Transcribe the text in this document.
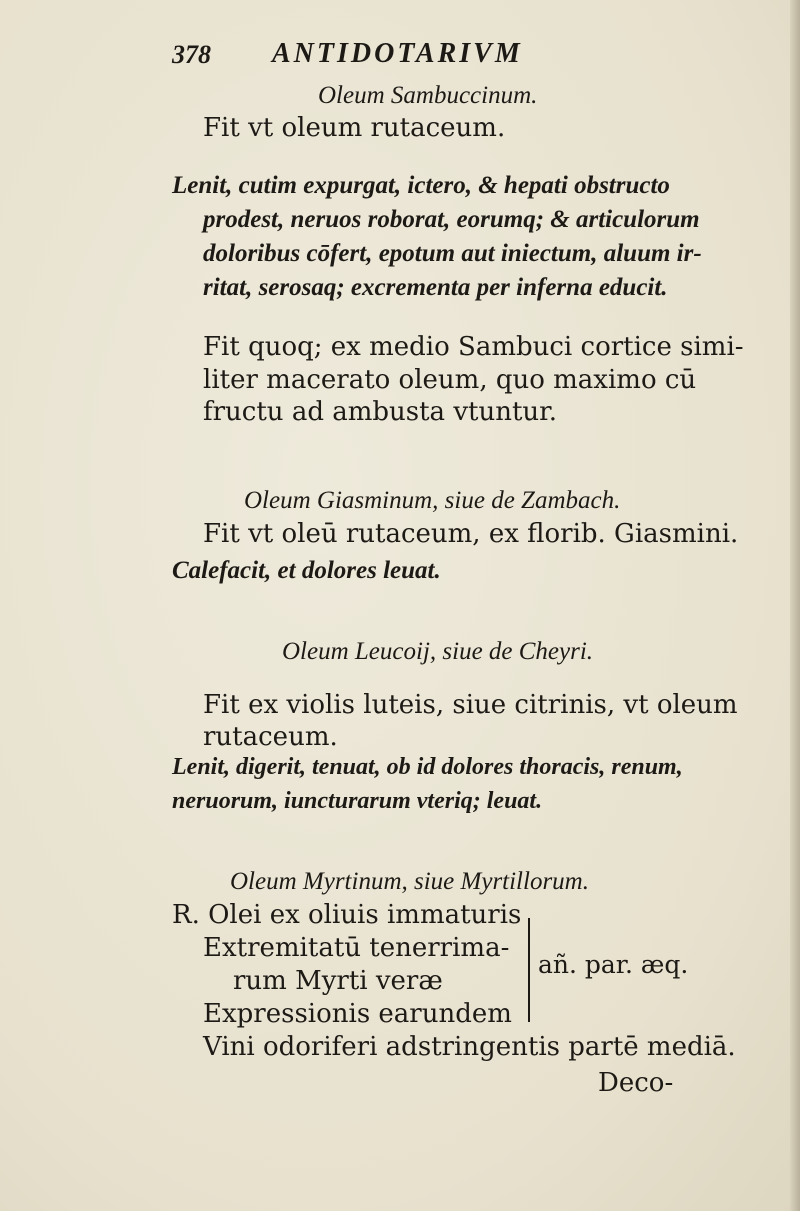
378 ANTIDOTARIVM
Oleum Sambuccinum.
Fit vt oleum rutaceum.
Lenit, cutim expurgat, ictero, & hepati obstructo
prodest, neruos roborat, eorumq; & articulorum
doloribus cōfert, epotum aut iniectum, aluum ir-
ritat, serosaq; excrementa per inferna educit.
Fit quoq; ex medio Sambuci cortice simi-
liter macerato oleum, quo maximo cū
fructu ad ambusta vtuntur.
Oleum Giasminum, siue de Zambach.
Fit vt oleū rutaceum, ex florib. Giasmini.
Calefacit, et dolores leuat.
Oleum Leucoij, siue de Cheyri.
Fit ex violis luteis, siue citrinis, vt oleum
rutaceum.
Lenit, digerit, tenuat, ob id dolores thoracis, renum,
neruorum, iuncturarum vteriq; leuat.
Oleum Myrtinum, siue Myrtillorum.
R. Olei ex oliuis immaturis
Extremitatū tenerrima-
rum Myrti veræ
Expressionis earundem
añ. par. æq.
Vini odoriferi adstringentis partē mediā.
Deco-
